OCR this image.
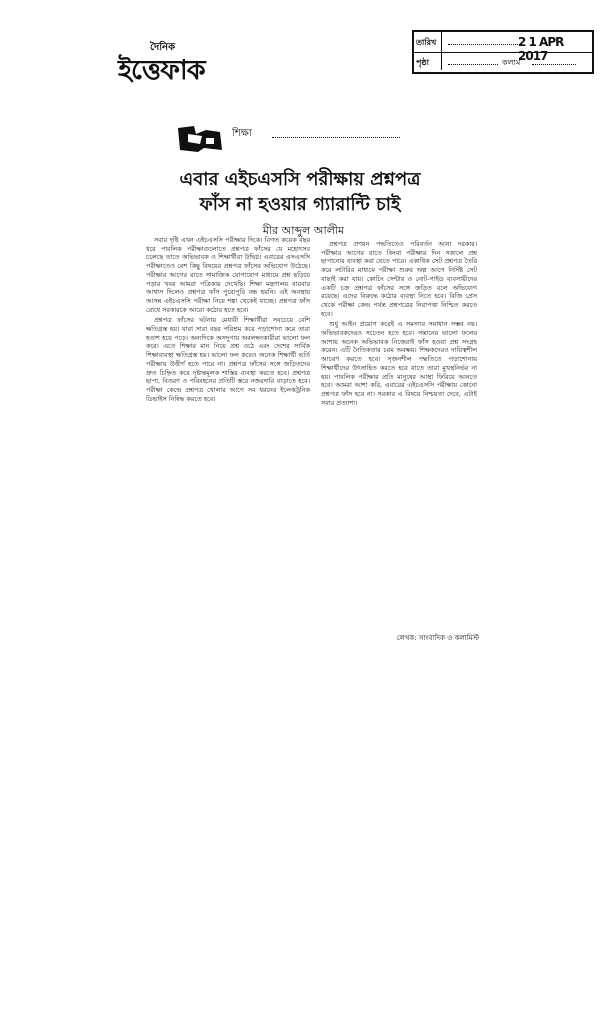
দৈনিক
ইত্তেফাক
তারিখ	2 1 APR 2017
পৃষ্ঠা	কলাম
শিক্ষা
এবার এইচএসসি পরীক্ষায় প্রশ্নপত্র
ফাঁস না হওয়ার গ্যারান্টি চাই
মীর আব্দুল আলীম

সবার দৃষ্টি এখন এইচএসসি পরীক্ষার দিকে। বিগত কয়েক বছর ধরে পাবলিক পরীক্ষাগুলোতে প্রশ্নপত্র ফাঁসের যে মহোৎসব চলেছে তাতে অভিভাবক ও শিক্ষার্থীরা উদ্বিগ্ন। এবারের এসএসসি পরীক্ষাতেও বেশ কিছু বিষয়ের প্রশ্নপত্র ফাঁসের অভিযোগ উঠেছে। পরীক্ষার আগের রাতে সামাজিক যোগাযোগ মাধ্যমে প্রশ্ন ছড়িয়ে পড়ার খবর আমরা পত্রিকায় দেখেছি। শিক্ষা মন্ত্রণালয় বারবার আশ্বাস দিলেও প্রশ্নপত্র ফাঁস পুরোপুরি বন্ধ হয়নি। এই অবস্থায় আসন্ন এইচএসসি পরীক্ষা নিয়ে শঙ্কা থেকেই যাচ্ছে। প্রশ্নপত্র ফাঁস রোধে সরকারকে আরো কঠোর হতে হবে।

প্রশ্নপত্র ফাঁসের ঘটনায় মেধাবী শিক্ষার্থীরা সবচেয়ে বেশি ক্ষতিগ্রস্ত হয়। যারা সারা বছর পরিশ্রম করে পড়াশোনা করে তারা হতাশ হয়ে পড়ে। অন্যদিকে অসদুপায় অবলম্বনকারীরা ভালো ফল করে। এতে শিক্ষার মান নিয়ে প্রশ্ন ওঠে এবং দেশের সার্বিক শিক্ষাব্যবস্থা ক্ষতিগ্রস্ত হয়। ভালো ফল করেও অনেক শিক্ষার্থী ভর্তি পরীক্ষায় উত্তীর্ণ হতে পারে না। প্রশ্নপত্র ফাঁসের সঙ্গে জড়িতদের দ্রুত চিহ্নিত করে দৃষ্টান্তমূলক শাস্তির ব্যবস্থা করতে হবে। প্রশ্নপত্র ছাপা, বিতরণ ও পরিবহনের প্রতিটি স্তরে নজরদারি বাড়াতে হবে। পরীক্ষা কেন্দ্রে প্রশ্নপত্র খোলার আগে সব ধরনের ইলেকট্রনিক ডিভাইস নিষিদ্ধ করতে হবে।

প্রশ্নপত্র প্রণয়ন পদ্ধতিতেও পরিবর্তন আনা দরকার। পরীক্ষার আগের রাতে কিংবা পরীক্ষার দিন সকালে প্রশ্ন ছাপানোর ব্যবস্থা করা যেতে পারে। একাধিক সেট প্রশ্নপত্র তৈরি করে লটারির মাধ্যমে পরীক্ষা শুরুর অল্প আগে নির্দিষ্ট সেট বাছাই করা যায়। কোচিং সেন্টার ও নোট-গাইড ব্যবসায়ীদের একটি চক্র প্রশ্নপত্র ফাঁসের সঙ্গে জড়িত বলে অভিযোগ রয়েছে। এদের বিরুদ্ধে কঠোর ব্যবস্থা নিতে হবে। বিজি প্রেস থেকে পরীক্ষা কেন্দ্র পর্যন্ত প্রশ্নপত্রের নিরাপত্তা নিশ্চিত করতে হবে।

শুধু আইন প্রয়োগ করেই এ সমস্যার সমাধান সম্ভব নয়। অভিভাবকদেরও সচেতন হতে হবে। সন্তানের ভালো ফলের আশায় অনেক অভিভাবক নিজেরাই ফাঁস হওয়া প্রশ্ন সংগ্রহ করেন। এটি নৈতিকতার চরম অবক্ষয়। শিক্ষকদেরও দায়িত্বশীল আচরণ করতে হবে। সৃজনশীল পদ্ধতিতে পড়াশোনায় শিক্ষার্থীদের উৎসাহিত করতে হবে যাতে তারা মুখস্থনির্ভর না হয়। পাবলিক পরীক্ষার প্রতি মানুষের আস্থা ফিরিয়ে আনতে হবে। আমরা আশা করি, এবারের এইচএসসি পরীক্ষায় কোনো প্রশ্নপত্র ফাঁস হবে না। সরকার এ বিষয়ে নিশ্চয়তা দেবে, এটাই সবার প্রত্যাশা।

লেখক: সাংবাদিক ও কলামিস্ট
